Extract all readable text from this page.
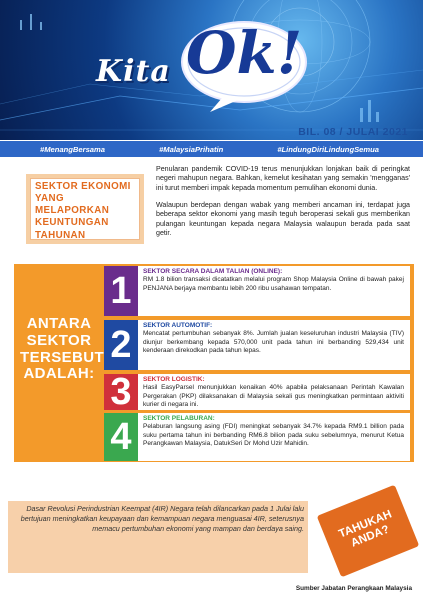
Kita Ok!
BIL. 08 / JULAI 2021
#MenangBersama	#MalaysiaPrihatin	#LindungDiriLindungSemua
SEKTOR EKONOMI YANG MELAPORKAN KEUNTUNGAN TAHUNAN

Penularan pandemik COVID-19 terus menunjukkan lonjakan baik di peringkat negeri mahupun negara. Bahkan, kemelut kesihatan yang semakin 'mengganas' ini turut memberi impak kepada momentum pemulihan ekonomi dunia.

Walaupun berdepan dengan wabak yang memberi ancaman ini, terdapat juga beberapa sektor ekonomi yang masih teguh beroperasi sekali gus memberikan pulangan keuntungan kepada negara Malaysia walaupun berada pada saat getir.

ANTARA SEKTOR TERSEBUT ADALAH:
1 SEKTOR SECARA DALAM TALIAN (ONLINE):
RM 1.8 bilion transaksi dicatatkan melalui program Shop Malaysia Online di bawah pakej PENJANA berjaya membantu lebih 200 ribu usahawan tempatan.
2 SEKTOR AUTOMOTIF:
Mencatat pertumbuhan sebanyak 8%. Jumlah jualan keseluruhan industri Malaysia (TIV) diunjur berkembang kepada 570,000 unit pada tahun ini berbanding 529,434 unit kenderaan direkodkan pada tahun lepas.
3 SEKTOR LOGISTIK:
Hasil EasyParsel menunjukkan kenaikan 40% apabila pelaksanaan Perintah Kawalan Pergerakan (PKP) dilaksanakan di Malaysia sekali gus meningkatkan permintaan aktiviti kurier di negara ini.
4 SEKTOR PELABURAN:
Pelaburan langsung asing (FDI) meningkat sebanyak 34.7% kepada RM9.1 billion pada suku pertama tahun ini berbanding RM6.8 bilion pada suku sebelumnya, menurut Ketua Perangkawan Malaysia, DatukSeri Dr Mohd Uzir Mahidin.
Dasar Revolusi Perindustrian Keempat (4IR) Negara telah dilancarkan pada 1 Julai lalu bertujuan meningkatkan keupayaan dan kemampuan negara menguasai 4IR, seterusnya memacu pertumbuhan ekonomi yang mampan dan berdaya saing.	TAHUKAH ANDA?
Sumber Jabatan Perangkaan Malaysia
